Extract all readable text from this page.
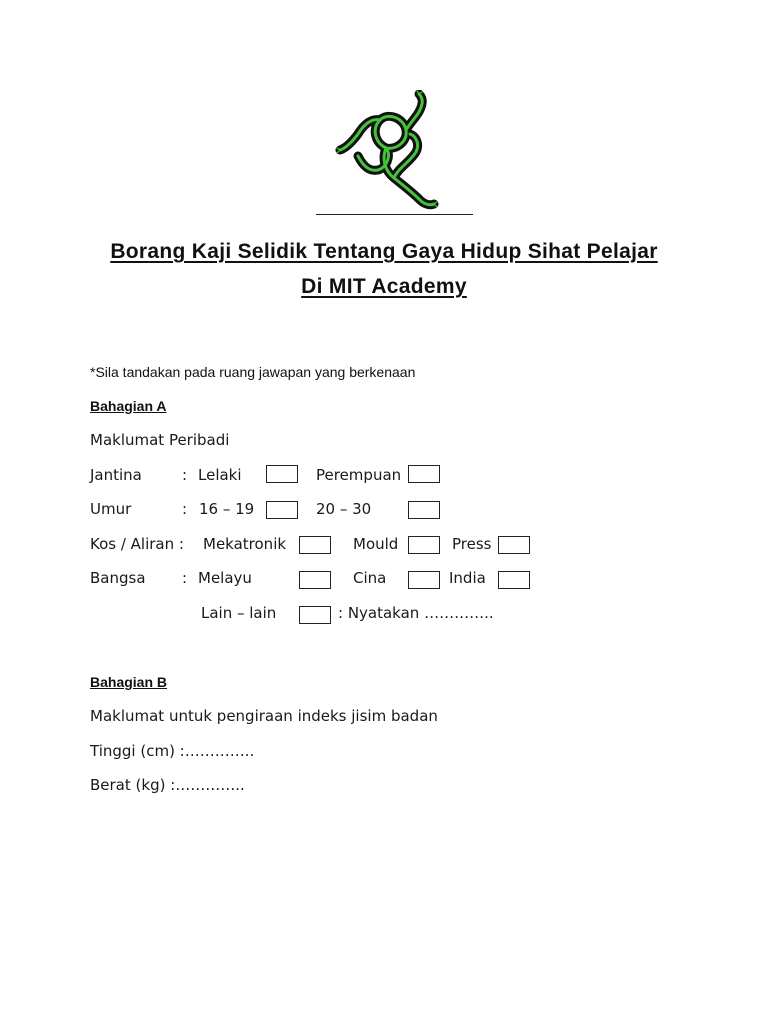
Borang Kaji Selidik Tentang Gaya Hidup Sihat Pelajar
Di MIT Academy
*Sila tandakan pada ruang jawapan yang berkenaan
Bahagian A
Maklumat Peribadi
Jantina	: Lelaki	Perempuan
Umur	: 16 – 19	20 – 30
Kos / Aliran : Mekatronik	Mould	Press
Bangsa : Melayu	Cina	India
Lain – lain	: Nyatakan …………..
Bahagian B
Maklumat untuk pengiraan indeks jisim badan
Tinggi (cm) :…………..
Berat (kg) :…………..
